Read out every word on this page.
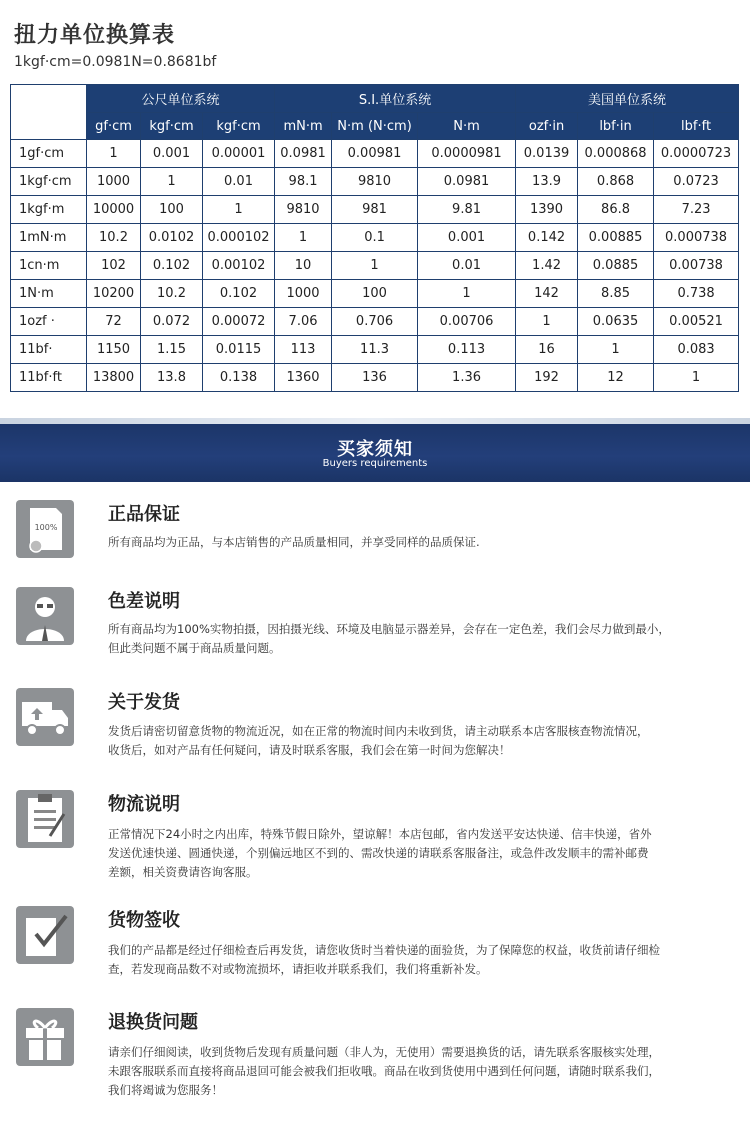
扭力单位换算表
1kgf·cm=0.0981N=0.8681bf
	公尺单位系统			S.I.单位系统			美国单位系统		
	gf·cm	kgf·cm	kgf·cm	mN·m	N·m (N·cm)	N·m	ozf·in	lbf·in	lbf·ft
1gf·cm	1	0.001	0.00001	0.0981	0.00981	0.0000981	0.0139	0.000868	0.0000723
1kgf·cm	1000	1	0.01	98.1	9810	0.0981	13.9	0.868	0.0723
1kgf·m	10000	100	1	9810	981	9.81	1390	86.8	7.23
1mN·m	10.2	0.0102	0.000102	1	0.1	0.001	0.142	0.00885	0.000738
1cn·m	102	0.102	0.00102	10	1	0.01	1.42	0.0885	0.00738
1N·m	10200	10.2	0.102	1000	100	1	142	8.85	0.738
1ozf ·	72	0.072	0.00072	7.06	0.706	0.00706	1	0.0635	0.00521
11bf·	1150	1.15	0.0115	113	11.3	0.113	16	1	0.083
11bf·ft	13800	13.8	0.138	1360	136	1.36	192	12	1
买家须知
Buyers requirements
100%
正品保证
所有商品均为正品，与本店销售的产品质量相同，并享受同样的品质保证.
色差说明
所有商品均为100%实物拍摄，因拍摄光线、环境及电脑显示器差异，会存在一定色差，我们会尽力做到最小，
但此类问题不属于商品质量问题。
关于发货
发货后请密切留意货物的物流近况，如在正常的物流时间内未收到货，请主动联系本店客服核查物流情况，
收货后，如对产品有任何疑问，请及时联系客服，我们会在第一时间为您解决！
物流说明
正常情况下24小时之内出库，特殊节假日除外，望谅解！本店包邮，省内发送平安达快递、信丰快递，省外
发送优速快递、圆通快递，个别偏远地区不到的、需改快递的请联系客服备注，或急件改发顺丰的需补邮费
差额，相关资费请咨询客服。
货物签收
我们的产品都是经过仔细检查后再发货，请您收货时当着快递的面验货，为了保障您的权益，收货前请仔细检
查，若发现商品数不对或物流损坏，请拒收并联系我们，我们将重新补发。
退换货问题
请亲们仔细阅读，收到货物后发现有质量问题（非人为，无使用）需要退换货的话，请先联系客服核实处理，
未跟客服联系而直接将商品退回可能会被我们拒收哦。商品在收到货使用中遇到任何问题，请随时联系我们，
我们将竭诚为您服务！
